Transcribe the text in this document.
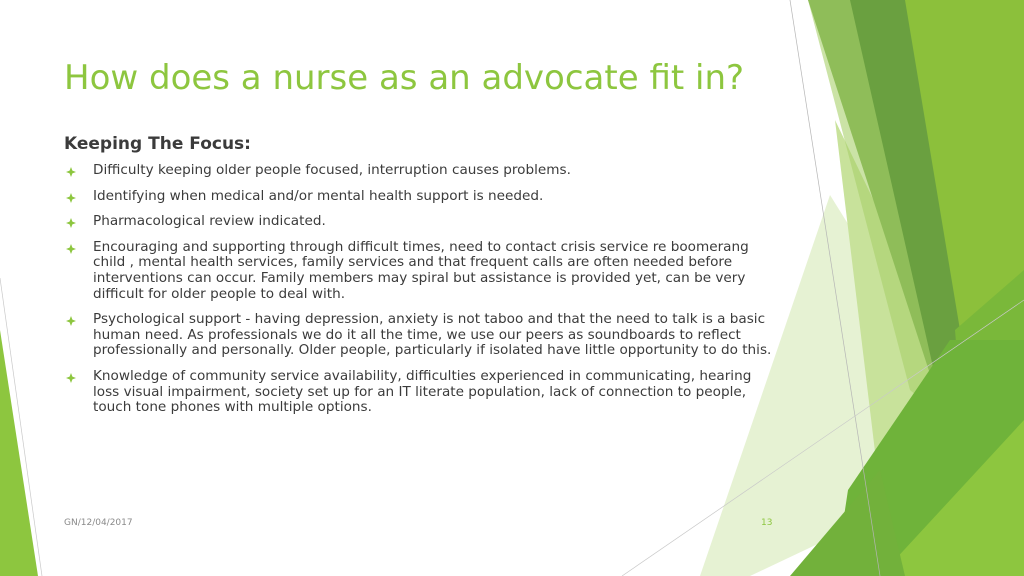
How does a nurse as an advocate fit in?
Keeping The Focus:
Difficulty keeping older people focused, interruption causes problems.
Identifying when medical and/or mental health support is needed.
Pharmacological review indicated.
Encouraging and supporting through difficult times, need to contact crisis service re boomerang child , mental health services, family services and that frequent calls are often needed before interventions can occur. Family members may spiral but assistance is provided yet, can be very difficult for older people to deal with.
Psychological support - having depression, anxiety is not taboo and that the need to talk is a basic human need. As professionals we do it all the time, we use our peers as soundboards to reflect professionally and personally. Older people, particularly if isolated have little opportunity to do this.
Knowledge of community service availability, difficulties experienced in communicating, hearing loss visual impairment, society set up for an IT literate population, lack of connection to people, touch tone phones with multiple options.
GN/12/04/2017	13
